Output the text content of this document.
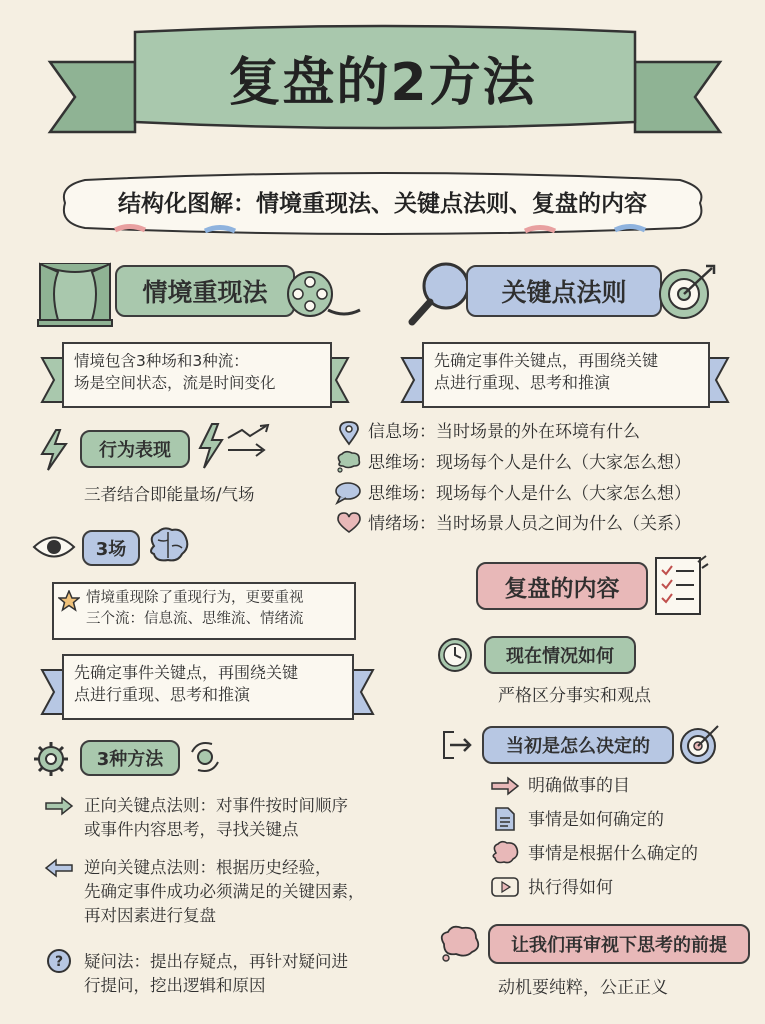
复盘的2方法
结构化图解：情境重现法、关键点法则、复盘的内容
情境重现法
情境包含3种场和3种流：
场是空间状态，流是时间变化
行为表现
三者结合即能量场/气场
3场
情境重现除了重现行为，更要重视
三个流：信息流、思维流、情绪流
先确定事件关键点，再围绕关键
点进行重现、思考和推演
3种方法
正向关键点法则：对事件按时间顺序
或事件内容思考，寻找关键点
逆向关键点法则：根据历史经验，
先确定事件成功必须满足的关键因素，
再对因素进行复盘
? 疑问法：提出存疑点，再针对疑问进
行提问，挖出逻辑和原因
关键点法则
先确定事件关键点，再围绕关键
点进行重现、思考和推演
信息场：当时场景的外在环境有什么
思维场：现场每个人是什么（大家怎么想）
思维场：现场每个人是什么（大家怎么想）
情绪场：当时场景人员之间为什么（关系）
复盘的内容
现在情况如何
严格区分事实和观点
当初是怎么决定的
明确做事的目
事情是如何确定的
事情是根据什么确定的
执行得如何
让我们再审视下思考的前提
动机要纯粹，公正正义
